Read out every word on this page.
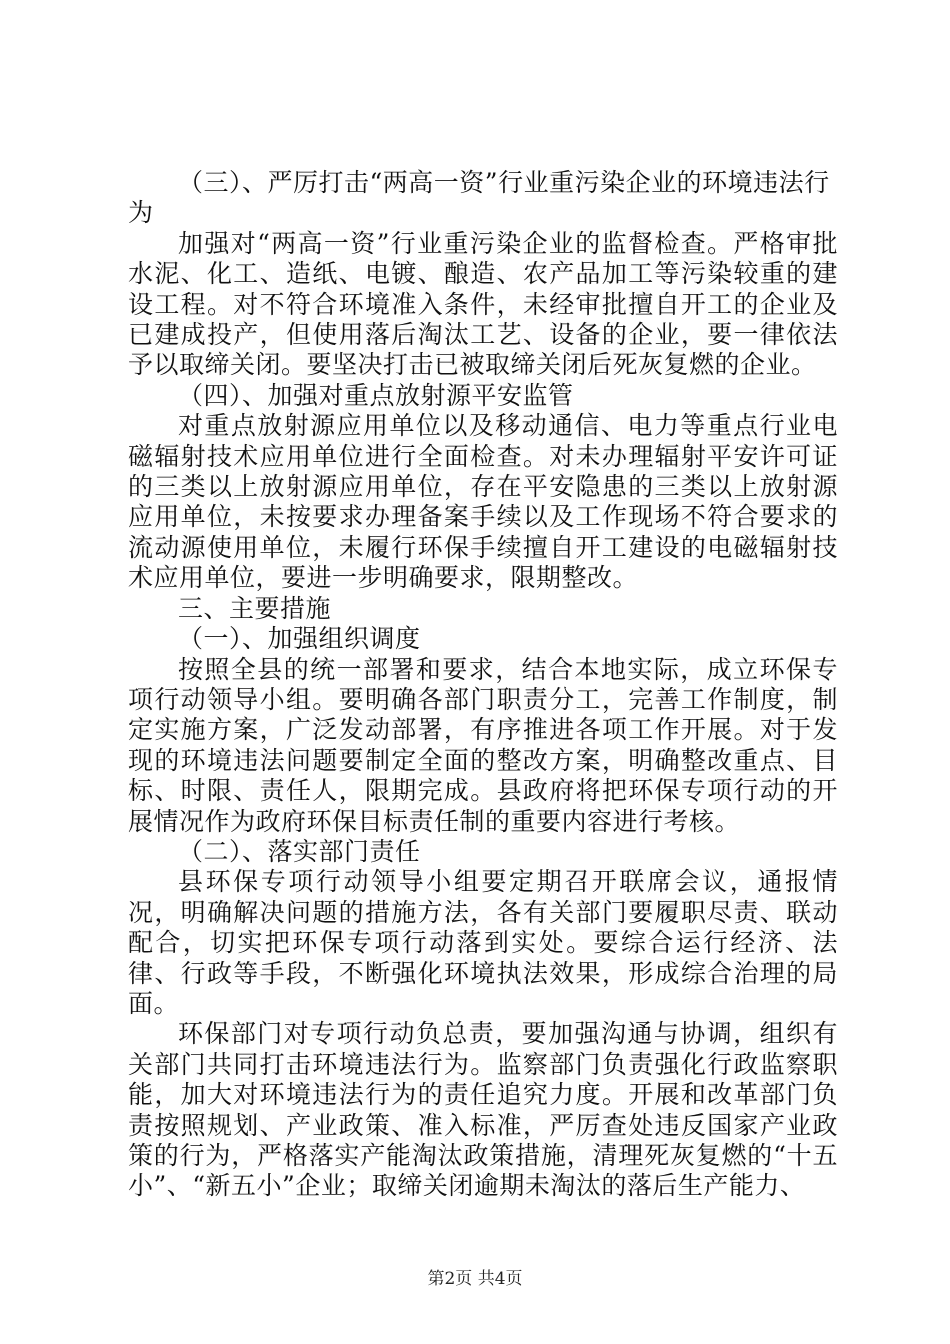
（三）、严厉打击“两高一资”行业重污染企业的环境违法行为

加强对“两高一资”行业重污染企业的监督检查。严格审批水泥、化工、造纸、电镀、酿造、农产品加工等污染较重的建设工程。对不符合环境准入条件，未经审批擅自开工的企业及已建成投产，但使用落后淘汰工艺、设备的企业，要一律依法予以取缔关闭。要坚决打击已被取缔关闭后死灰复燃的企业。

（四）、加强对重点放射源平安监管

对重点放射源应用单位以及移动通信、电力等重点行业电磁辐射技术应用单位进行全面检查。对未办理辐射平安许可证的三类以上放射源应用单位，存在平安隐患的三类以上放射源应用单位，未按要求办理备案手续以及工作现场不符合要求的流动源使用单位，未履行环保手续擅自开工建设的电磁辐射技术应用单位，要进一步明确要求，限期整改。

三、主要措施

（一）、加强组织调度

按照全县的统一部署和要求，结合本地实际，成立环保专项行动领导小组。要明确各部门职责分工，完善工作制度，制定实施方案，广泛发动部署，有序推进各项工作开展。对于发现的环境违法问题要制定全面的整改方案，明确整改重点、目标、时限、责任人，限期完成。县政府将把环保专项行动的开展情况作为政府环保目标责任制的重要内容进行考核。

（二）、落实部门责任

县环保专项行动领导小组要定期召开联席会议，通报情况，明确解决问题的措施方法，各有关部门要履职尽责、联动配合，切实把环保专项行动落到实处。要综合运行经济、法律、行政等手段，不断强化环境执法效果，形成综合治理的局面。

环保部门对专项行动负总责，要加强沟通与协调，组织有关部门共同打击环境违法行为。监察部门负责强化行政监察职能，加大对环境违法行为的责任追究力度。开展和改革部门负责按照规划、产业政策、准入标准，严厉查处违反国家产业政策的行为，严格落实产能淘汰政策措施，清理死灰复燃的“十五小”、“新五小”企业；取缔关闭逾期未淘汰的落后生产能力、

第2页 共4页
